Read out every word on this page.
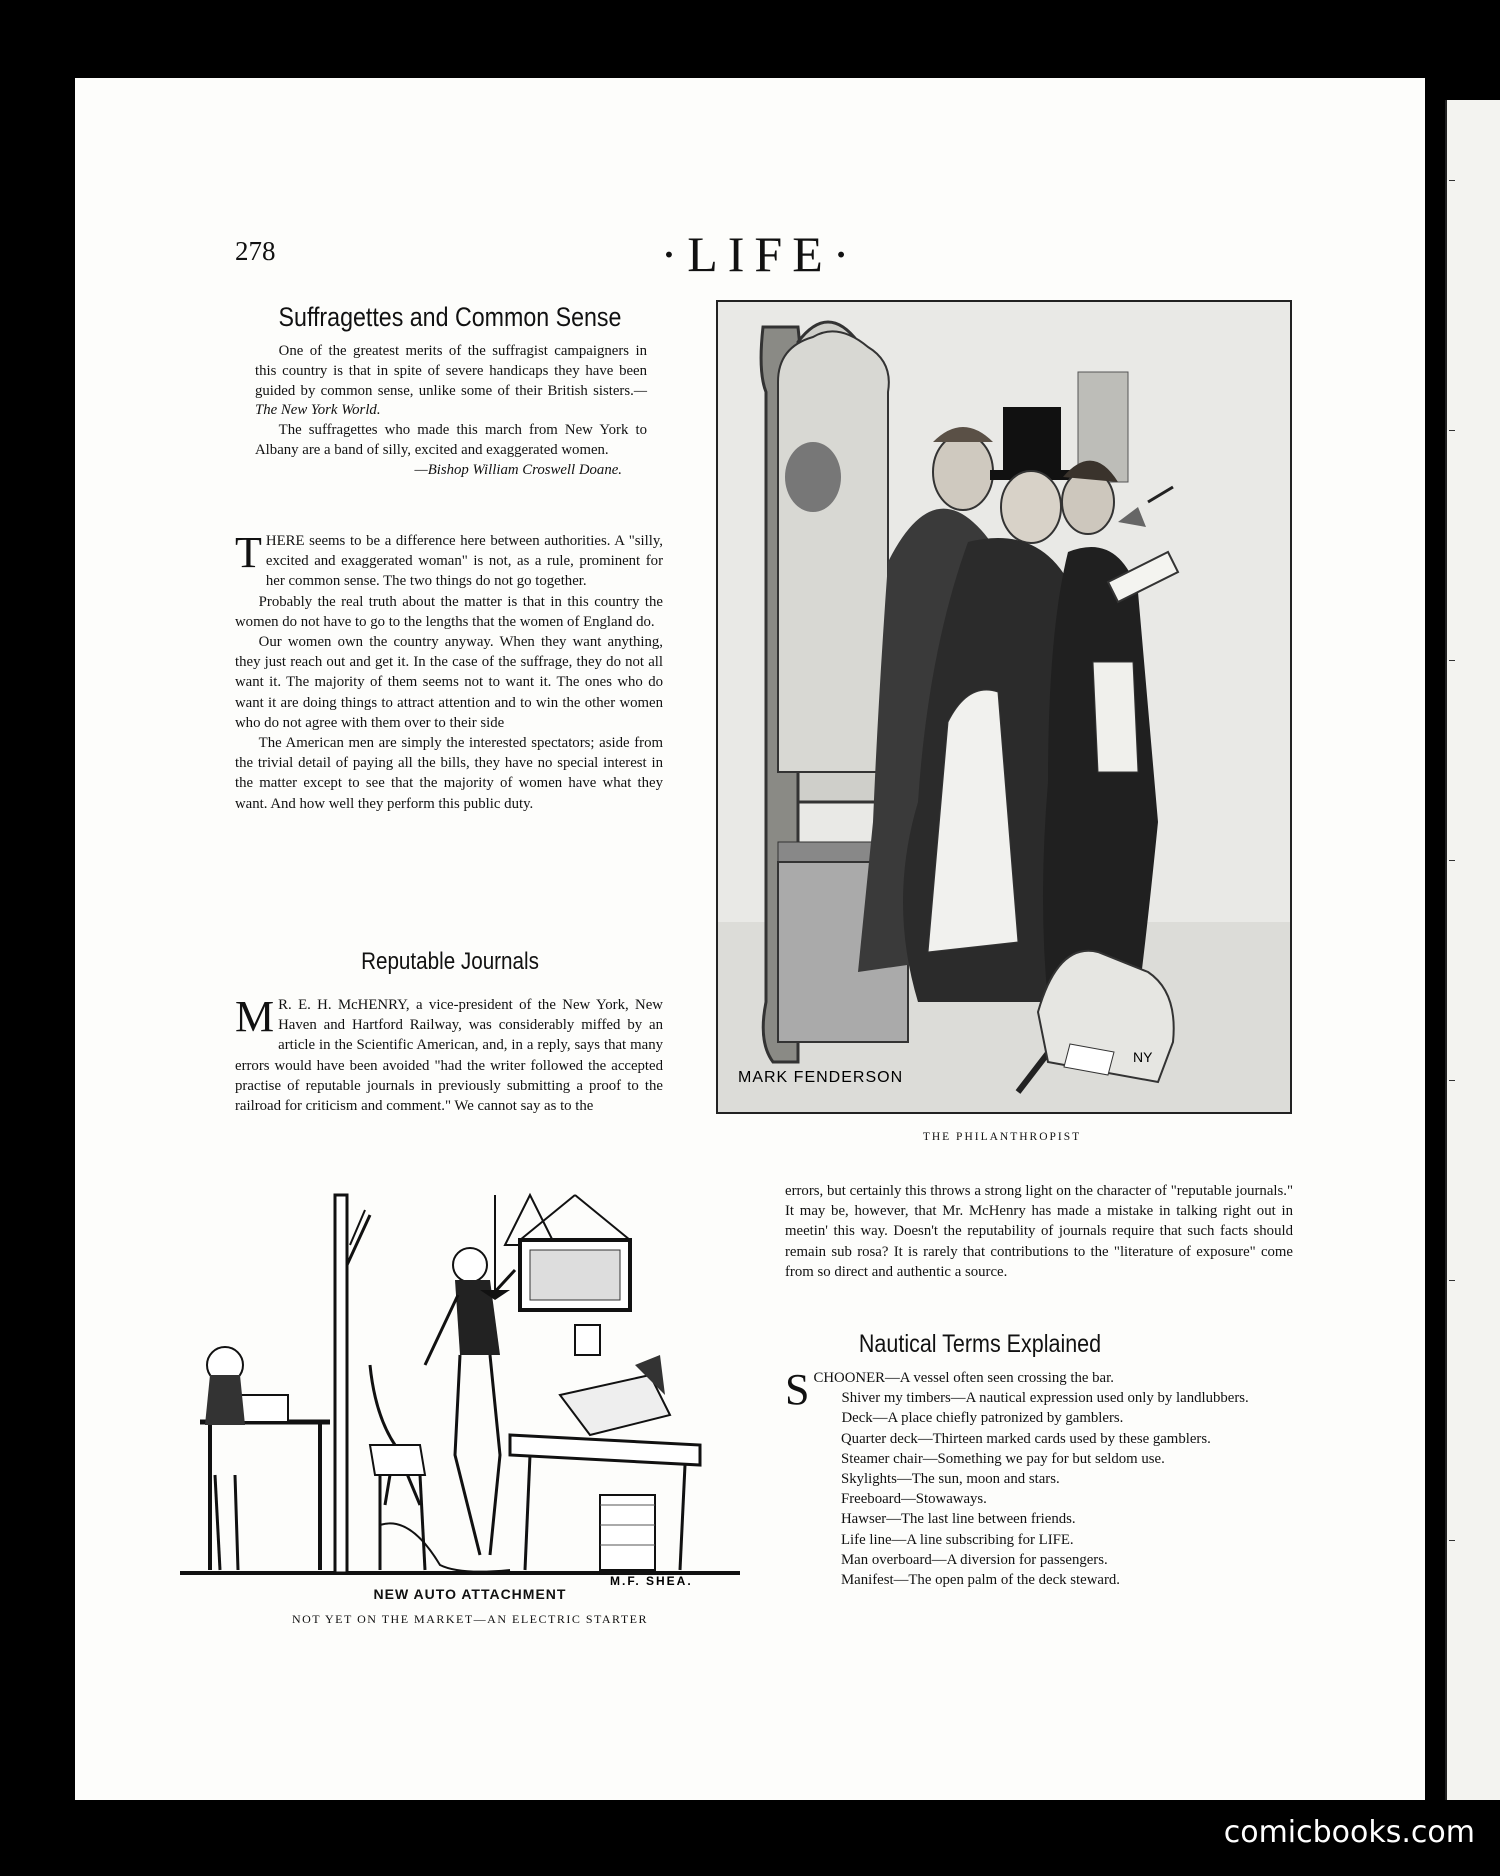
278	·LIFE·
Suffragettes and Common Sense

One of the greatest merits of the suffragist campaigners in this country is that in spite of severe handicaps they have been guided by common sense, unlike some of their British sisters.—The New York World.

The suffragettes who made this march from New York to Albany are a band of silly, excited and exaggerated women.

—Bishop William Croswell Doane.

THERE seems to be a difference here between authorities. A "silly, excited and exaggerated woman" is not, as a rule, prominent for her common sense. The two things do not go together.

Probably the real truth about the matter is that in this country the women do not have to go to the lengths that the women of England do.

Our women own the country anyway. When they want anything, they just reach out and get it. In the case of the suffrage, they do not all want it. The majority of them seems not to want it. The ones who do want it are doing things to attract attention and to win the other women who do not agree with them over to their side

The American men are simply the interested spectators; aside from the trivial detail of paying all the bills, they have no special interest in the matter except to see that the majority of women have what they want. And how well they perform this public duty.

Reputable Journals

M R. E. H. McHENRY, a vice-president of the New York, New Haven and Hartford Railway, was considerably miffed by an article in the Scientific American, and, in a reply, says that many errors would have been avoided "had the writer followed the accepted practise of reputable journals in previously submitting a proof to the railroad for criticism and comment." We cannot say as to the

errors, but certainly this throws a strong light on the character of "reputable journals." It may be, however, that Mr. McHenry has made a mistake in talking right out in meetin' this way. Doesn't the reputability of journals require that such facts should remain sub rosa? It is rarely that contributions to the "literature of exposure" come from so direct and authentic a source.

Nautical Terms Explained

SCHOONER—A vessel often seen crossing the bar.

Shiver my timbers—A nautical expression used only by landlubbers.

Deck—A place chiefly patronized by gamblers.

Quarter deck—Thirteen marked cards used by these gamblers.

Steamer chair—Something we pay for but seldom use.

Skylights—The sun, moon and stars.

Freeboard—Stowaways.

Hawser—The last line between friends.

Life line—A line subscribing for LIFE.

Man overboard—A diversion for passengers.

Manifest—The open palm of the deck steward.

NY
MARK FENDERSON
THE PHILANTHROPIST
M.F. SHEA.
NEW AUTO ATTACHMENT
NOT YET ON THE MARKET—AN ELECTRIC STARTER
comicbooks.com
